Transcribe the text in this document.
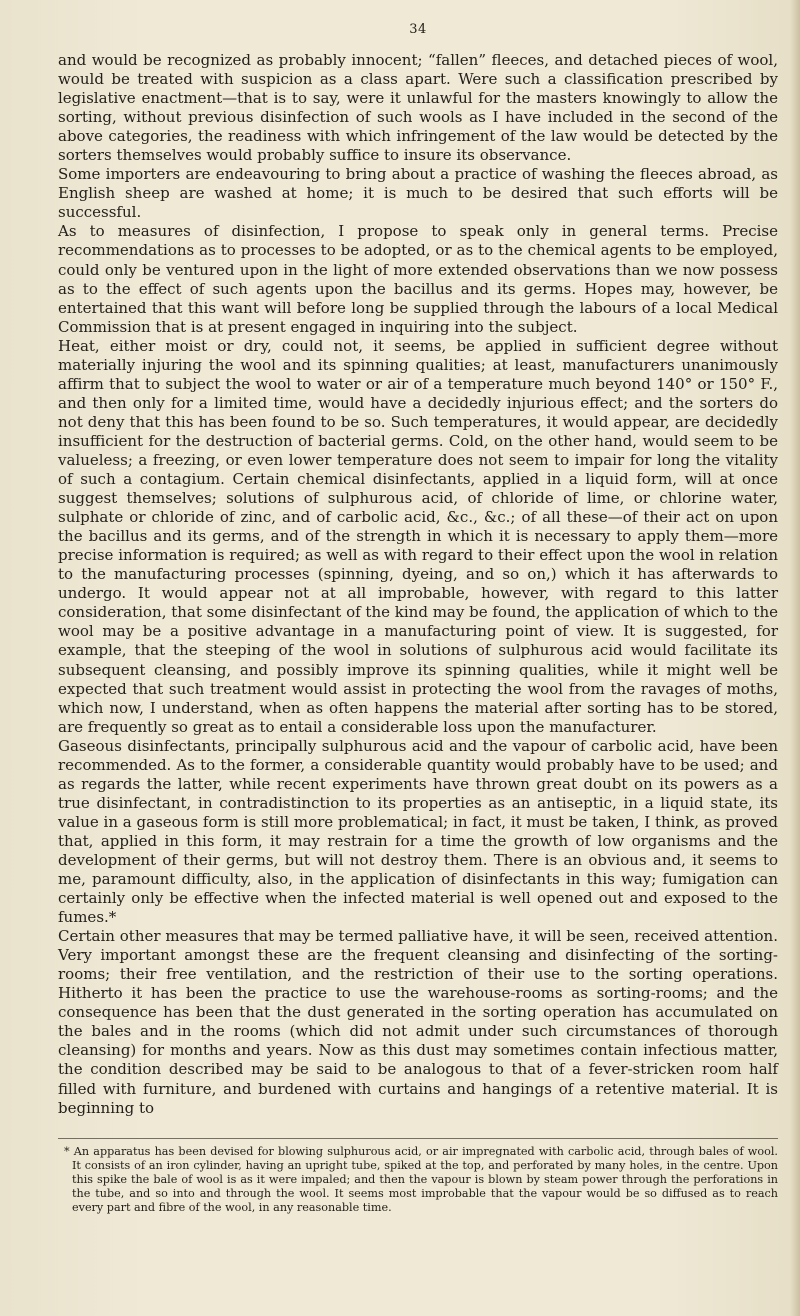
34

and would be recognized as probably innocent; “fallen” fleeces, and detached pieces of wool, would be treated with suspicion as a class apart. Were such a classification prescribed by legislative enactment—that is to say, were it unlawful for the masters knowingly to allow the sorting, without previous disinfection of such wools as I have included in the second of the above categories, the readiness with which infringement of the law would be detected by the sorters themselves would probably suffice to insure its observance.

Some importers are endeavouring to bring about a practice of washing the fleeces abroad, as English sheep are washed at home; it is much to be desired that such efforts will be successful.

As to measures of disinfection, I propose to speak only in general terms. Precise recommendations as to processes to be adopted, or as to the chemical agents to be employed, could only be ventured upon in the light of more extended observations than we now possess as to the effect of such agents upon the bacillus and its germs. Hopes may, however, be entertained that this want will before long be supplied through the labours of a local Medical Commission that is at present engaged in inquiring into the subject.

Heat, either moist or dry, could not, it seems, be applied in sufficient degree without materially injuring the wool and its spinning qualities; at least, manufacturers unanimously affirm that to subject the wool to water or air of a temperature much beyond 140° or 150° F., and then only for a limited time, would have a decidedly injurious effect; and the sorters do not deny that this has been found to be so. Such temperatures, it would appear, are decidedly insufficient for the destruction of bacterial germs. Cold, on the other hand, would seem to be valueless; a freezing, or even lower temperature does not seem to impair for long the vitality of such a contagium. Certain chemical disinfectants, applied in a liquid form, will at once suggest themselves; solutions of sulphurous acid, of chloride of lime, or chlorine water, sulphate or chloride of zinc, and of carbolic acid, &c., &c.; of all these—of their act on upon the bacillus and its germs, and of the strength in which it is necessary to apply them—more precise information is required; as well as with regard to their effect upon the wool in relation to the manufacturing processes (spinning, dyeing, and so on,) which it has afterwards to undergo. It would appear not at all improbable, however, with regard to this latter consideration, that some disinfectant of the kind may be found, the application of which to the wool may be a positive advantage in a manufacturing point of view. It is suggested, for example, that the steeping of the wool in solutions of sulphurous acid would facilitate its subsequent cleansing, and possibly improve its spinning qualities, while it might well be expected that such treatment would assist in protecting the wool from the ravages of moths, which now, I understand, when as often happens the material after sorting has to be stored, are frequently so great as to entail a considerable loss upon the manufacturer.

Gaseous disinfectants, principally sulphurous acid and the vapour of carbolic acid, have been recommended. As to the former, a considerable quantity would probably have to be used; and as regards the latter, while recent experiments have thrown great doubt on its powers as a true disinfectant, in contradistinction to its properties as an antiseptic, in a liquid state, its value in a gaseous form is still more problematical; in fact, it must be taken, I think, as proved that, applied in this form, it may restrain for a time the growth of low organisms and the development of their germs, but will not destroy them. There is an obvious and, it seems to me, paramount difficulty, also, in the application of disinfectants in this way; fumigation can certainly only be effective when the infected material is well opened out and exposed to the fumes.*

Certain other measures that may be termed palliative have, it will be seen, received attention. Very important amongst these are the frequent cleansing and disinfecting of the sorting-rooms; their free ventilation, and the restriction of their use to the sorting operations. Hitherto it has been the practice to use the warehouse-rooms as sorting-rooms; and the consequence has been that the dust generated in the sorting operation has accumulated on the bales and in the rooms (which did not admit under such circumstances of thorough cleansing) for months and years. Now as this dust may sometimes contain infectious matter, the condition described may be said to be analogous to that of a fever-stricken room half filled with furniture, and burdened with curtains and hangings of a retentive material. It is beginning to

* An apparatus has been devised for blowing sulphurous acid, or air impregnated with carbolic acid, through bales of wool. It consists of an iron cylinder, having an upright tube, spiked at the top, and perforated by many holes, in the centre. Upon this spike the bale of wool is as it were impaled; and then the vapour is blown by steam power through the perforations in the tube, and so into and through the wool. It seems most improbable that the vapour would be so diffused as to reach every part and fibre of the wool, in any reasonable time.
